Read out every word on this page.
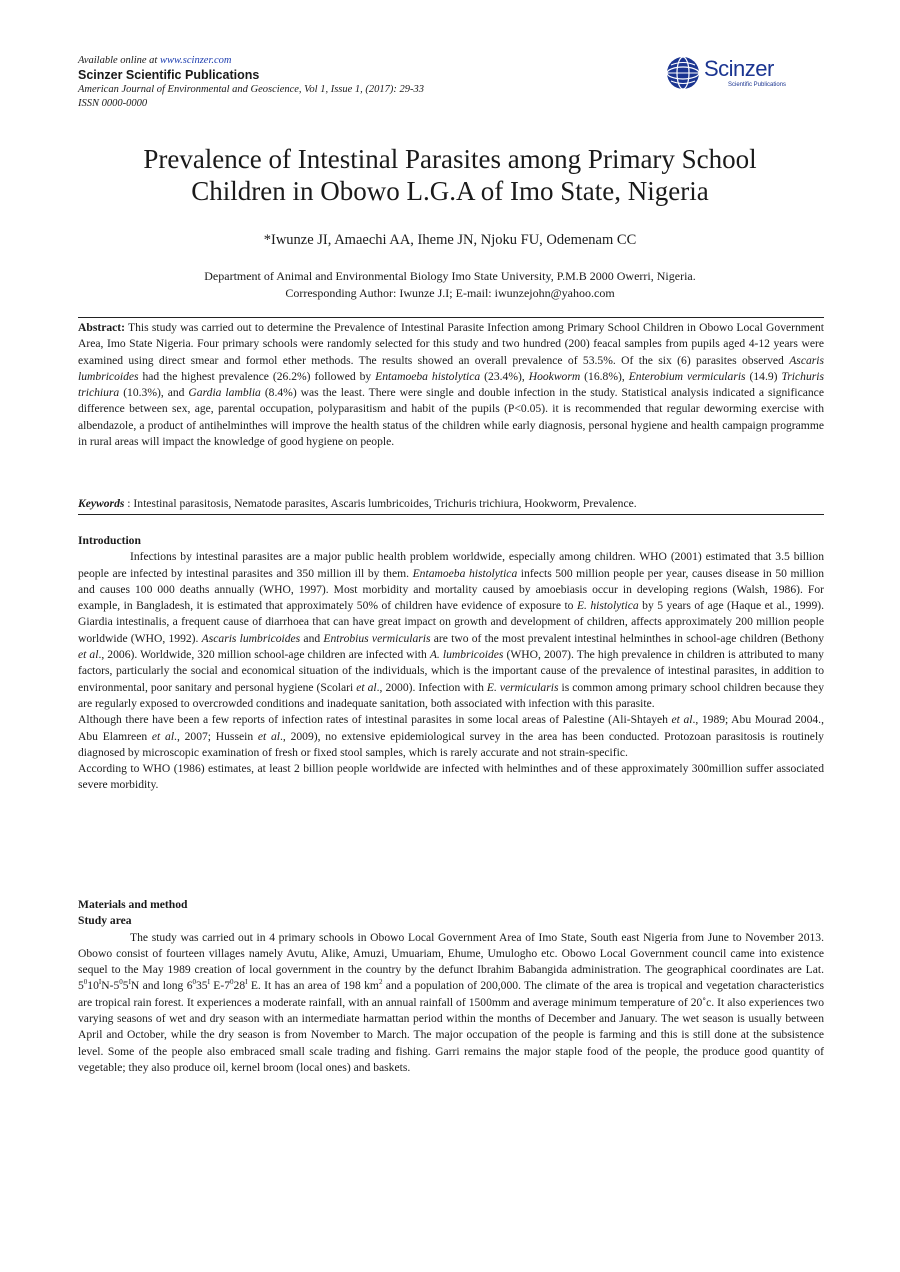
Available online at www.scinzer.com
Scinzer Scientific Publications
American Journal of Environmental and Geoscience, Vol 1, Issue 1, (2017): 29-33
ISSN 0000-0000
Scinzer
Scientific Publications
Prevalence of Intestinal Parasites among Primary School
Children in Obowo L.G.A of Imo State, Nigeria
*Iwunze JI, Amaechi AA, Iheme JN, Njoku FU, Odemenam CC
Department of Animal and Environmental Biology Imo State University, P.M.B 2000 Owerri, Nigeria.
Corresponding Author: Iwunze J.I; E-mail: iwunzejohn@yahoo.com
Abstract: This study was carried out to determine the Prevalence of Intestinal Parasite Infection among Primary School Children in Obowo Local Government Area, Imo State Nigeria. Four primary schools were randomly selected for this study and two hundred (200) feacal samples from pupils aged 4-12 years were examined using direct smear and formol ether methods. The results showed an overall prevalence of 53.5%. Of the six (6) parasites observed Ascaris lumbricoides had the highest prevalence (26.2%) followed by Entamoeba histolytica (23.4%), Hookworm (16.8%), Enterobium vermicularis (14.9) Trichuris trichiura (10.3%), and Gardia lamblia (8.4%) was the least. There were single and double infection in the study. Statistical analysis indicated a significance difference between sex, age, parental occupation, polyparasitism and habit of the pupils (P<0.05). it is recommended that regular deworming exercise with albendazole, a product of antihelminthes will improve the health status of the children while early diagnosis, personal hygiene and health campaign programme in rural areas will impact the knowledge of good hygiene on people.
Keywords : Intestinal parasitosis, Nematode parasites, Ascaris lumbricoides, Trichuris trichiura, Hookworm, Prevalence.
Introduction

Infections by intestinal parasites are a major public health problem worldwide, especially among children. WHO (2001) estimated that 3.5 billion people are infected by intestinal parasites and 350 million ill by them. Entamoeba histolytica infects 500 million people per year, causes disease in 50 million and causes 100 000 deaths annually (WHO, 1997). Most morbidity and mortality caused by amoebiasis occur in developing regions (Walsh, 1986). For example, in Bangladesh, it is estimated that approximately 50% of children have evidence of exposure to E. histolytica by 5 years of age (Haque et al., 1999). Giardia intestinalis, a frequent cause of diarrhoea that can have great impact on growth and development of children, affects approximately 200 million people worldwide (WHO, 1992). Ascaris lumbricoides and Entrobius vermicularis are two of the most prevalent intestinal helminthes in school-age children (Bethony et al., 2006). Worldwide, 320 million school-age children are infected with A. lumbricoides (WHO, 2007). The high prevalence in children is attributed to many factors, particularly the social and economical situation of the individuals, which is the important cause of the prevalence of intestinal parasites, in addition to environmental, poor sanitary and personal hygiene (Scolari et al., 2000). Infection with E. vermicularis is common among primary school children because they are regularly exposed to overcrowded conditions and inadequate sanitation, both associated with infection with this parasite.

Although there have been a few reports of infection rates of intestinal parasites in some local areas of Palestine (Ali-Shtayeh et al., 1989; Abu Mourad 2004., Abu Elamreen et al., 2007; Hussein et al., 2009), no extensive epidemiological survey in the area has been conducted. Protozoan parasitosis is routinely diagnosed by microscopic examination of fresh or fixed stool samples, which is rarely accurate and not strain-specific.

According to WHO (1986) estimates, at least 2 billion people worldwide are infected with helminthes and of these approximately 300million suffer associated severe morbidity.

Materials and method
Study area

The study was carried out in 4 primary schools in Obowo Local Government Area of Imo State, South east Nigeria from June to November 2013. Obowo consist of fourteen villages namely Avutu, Alike, Amuzi, Umuariam, Ehume, Umulogho etc. Obowo Local Government council came into existence sequel to the May 1989 creation of local government in the country by the defunct Ibrahim Babangida administration. The geographical coordinates are Lat. $5^010^IN-5^05^IN$ and long $6^035^I$ $E-7^028^I$ E. It has an area of 198 $km^2$ and a population of 200,000. The climate of the area is tropical and vegetation characteristics are tropical rain forest. It experiences a moderate rainfall, with an annual rainfall of 1500mm and average minimum temperature of 20˚c. It also experiences two varying seasons of wet and dry season with an intermediate harmattan period within the months of December and January. The wet season is usually between April and October, while the dry season is from November to March. The major occupation of the people is farming and this is still done at the subsistence level. Some of the people also embraced small scale trading and fishing. Garri remains the major staple food of the people, the produce good quantity of vegetable; they also produce oil, kernel broom (local ones) and baskets.
